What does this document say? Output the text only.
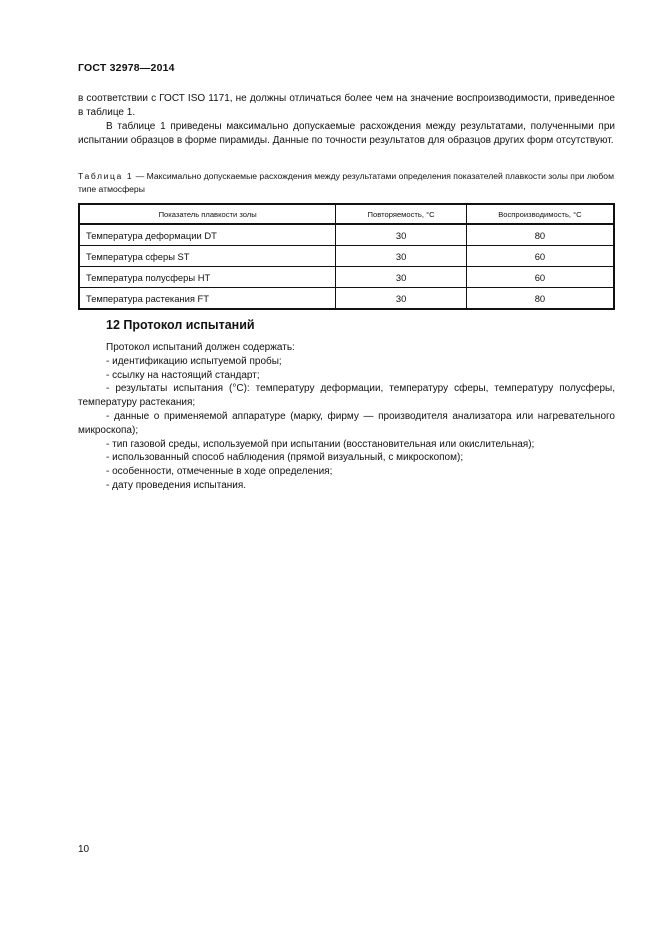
ГОСТ 32978—2014

в соответствии с ГОСТ ISO 1171, не должны отличаться более чем на значение воспроизводимости, приведенное в таблице 1.

В таблице 1 приведены максимально допускаемые расхождения между результатами, полученными при испытании образцов в форме пирамиды. Данные по точности результатов для образцов других форм отсутствуют.

Таблица 1 — Максимально допускаемые расхождения между результатами определения показателей плавкости золы при любом типе атмосферы

Показатель плавкости золы	Повторяемость, °С	Воспроизводимость, °С
Температура деформации DT	30	80
Температура сферы ST	30	60
Температура полусферы HT	30	60
Температура растекания FT	30	80
12 Протокол испытаний
Протокол испытаний должен содержать:
- идентификацию испытуемой пробы;
- ссылку на настоящий стандарт;
- результаты испытания (°С): температуру деформации, температуру сферы, температуру полусферы, температуру растекания;
- данные о применяемой аппаратуре (марку, фирму — производителя анализатора или нагревательного микроскопа);
- тип газовой среды, используемой при испытании (восстановительная или окислительная);
- использованный способ наблюдения (прямой визуальный, с микроскопом);
- особенности, отмеченные в ходе определения;
- дату проведения испытания.
10
